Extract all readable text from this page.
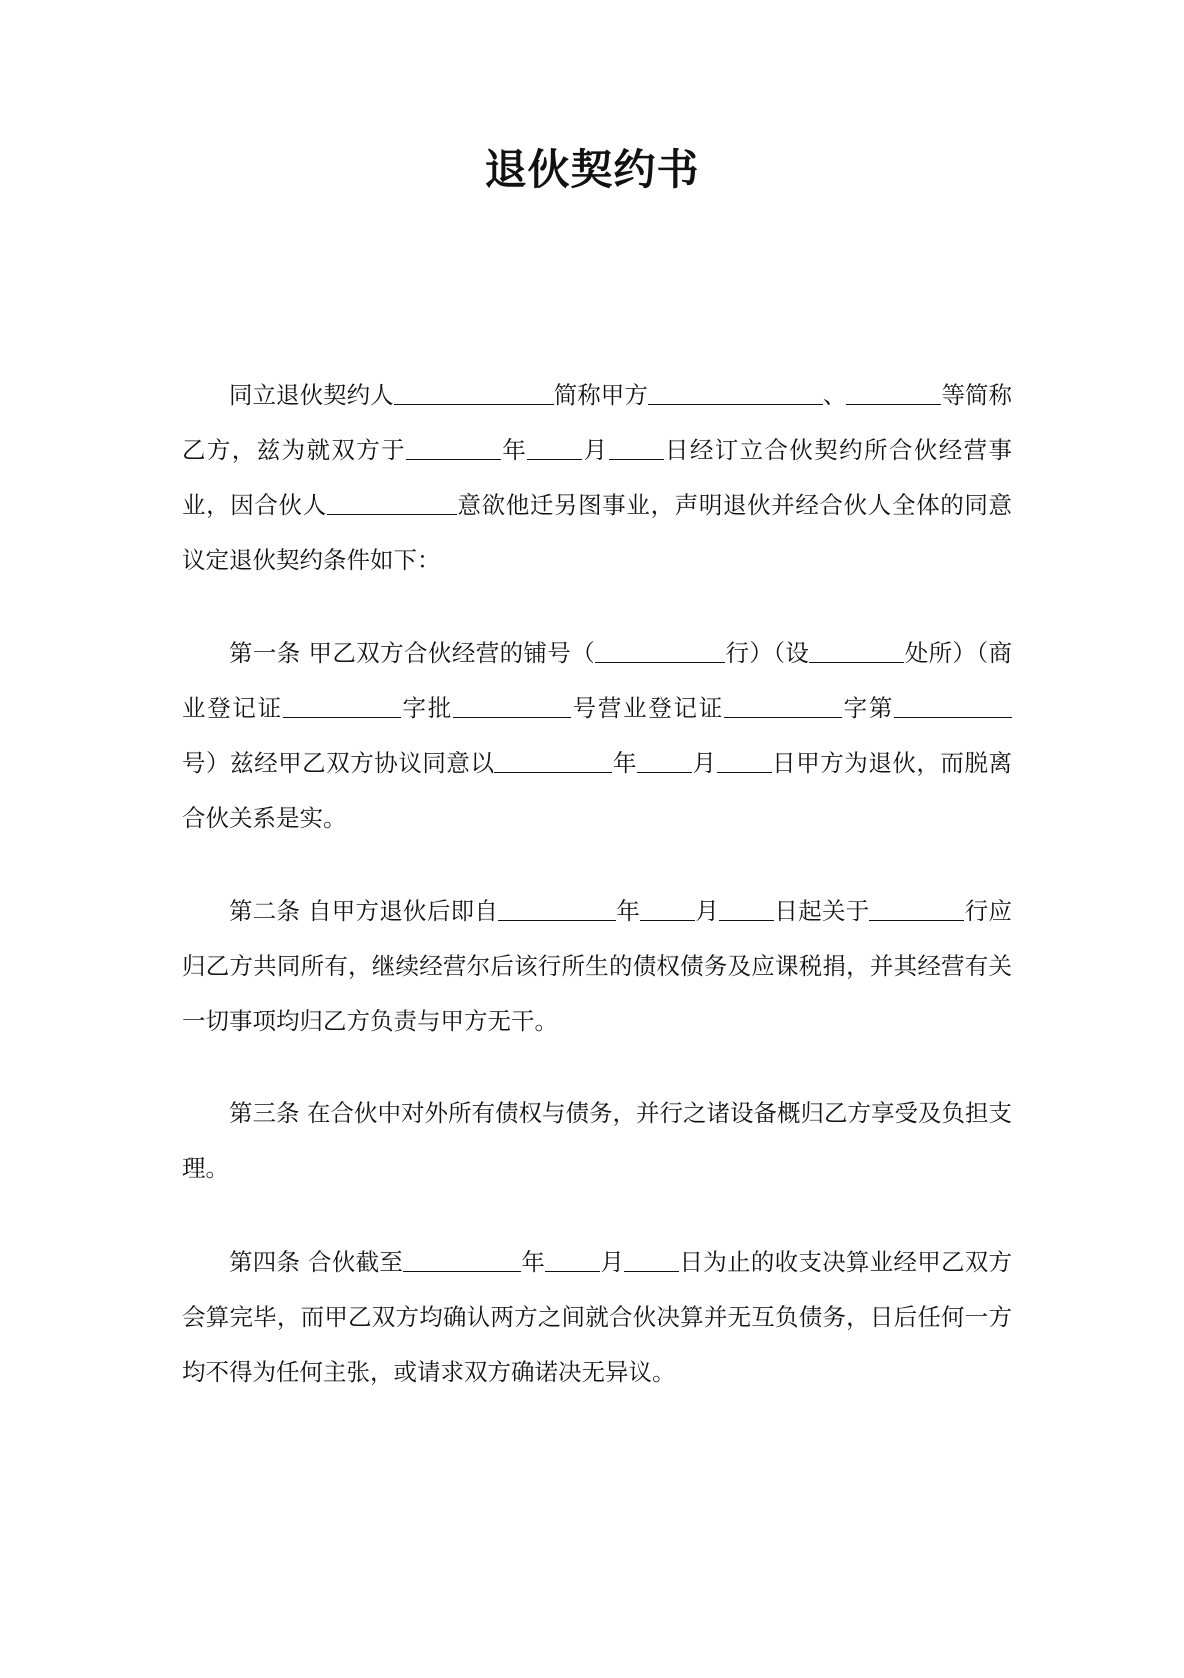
退伙契约书
同立退伙契约人	简称甲方	、	等简称乙方，兹为就双方于	年 月 日经订立合伙契约所合伙经营事业，因合伙人	意欲他迁另图事业，声明退伙并经合伙人全体的同意议定退伙契约条件如下：
第一条 甲乙双方合伙经营的铺号（	行）（设	处所）（商业登记证	字批	号营业登记证	字第号）兹经甲乙双方协议同意以	年 月 日甲方为退伙，而脱离合伙关系是实。
第二条 自甲方退伙后即自	年 月 日起关于	行应归乙方共同所有，继续经营尔后该行所生的债权债务及应课税捐，并其经营有关一切事项均归乙方负责与甲方无干。
第三条 在合伙中对外所有债权与债务，并行之诸设备概归乙方享受及负担支理。
第四条 合伙截至	年 月 日为止的收支决算业经甲乙双方会算完毕，而甲乙双方均确认两方之间就合伙决算并无互负债务，日后任何一方均不得为任何主张，或请求双方确诺决无异议。
